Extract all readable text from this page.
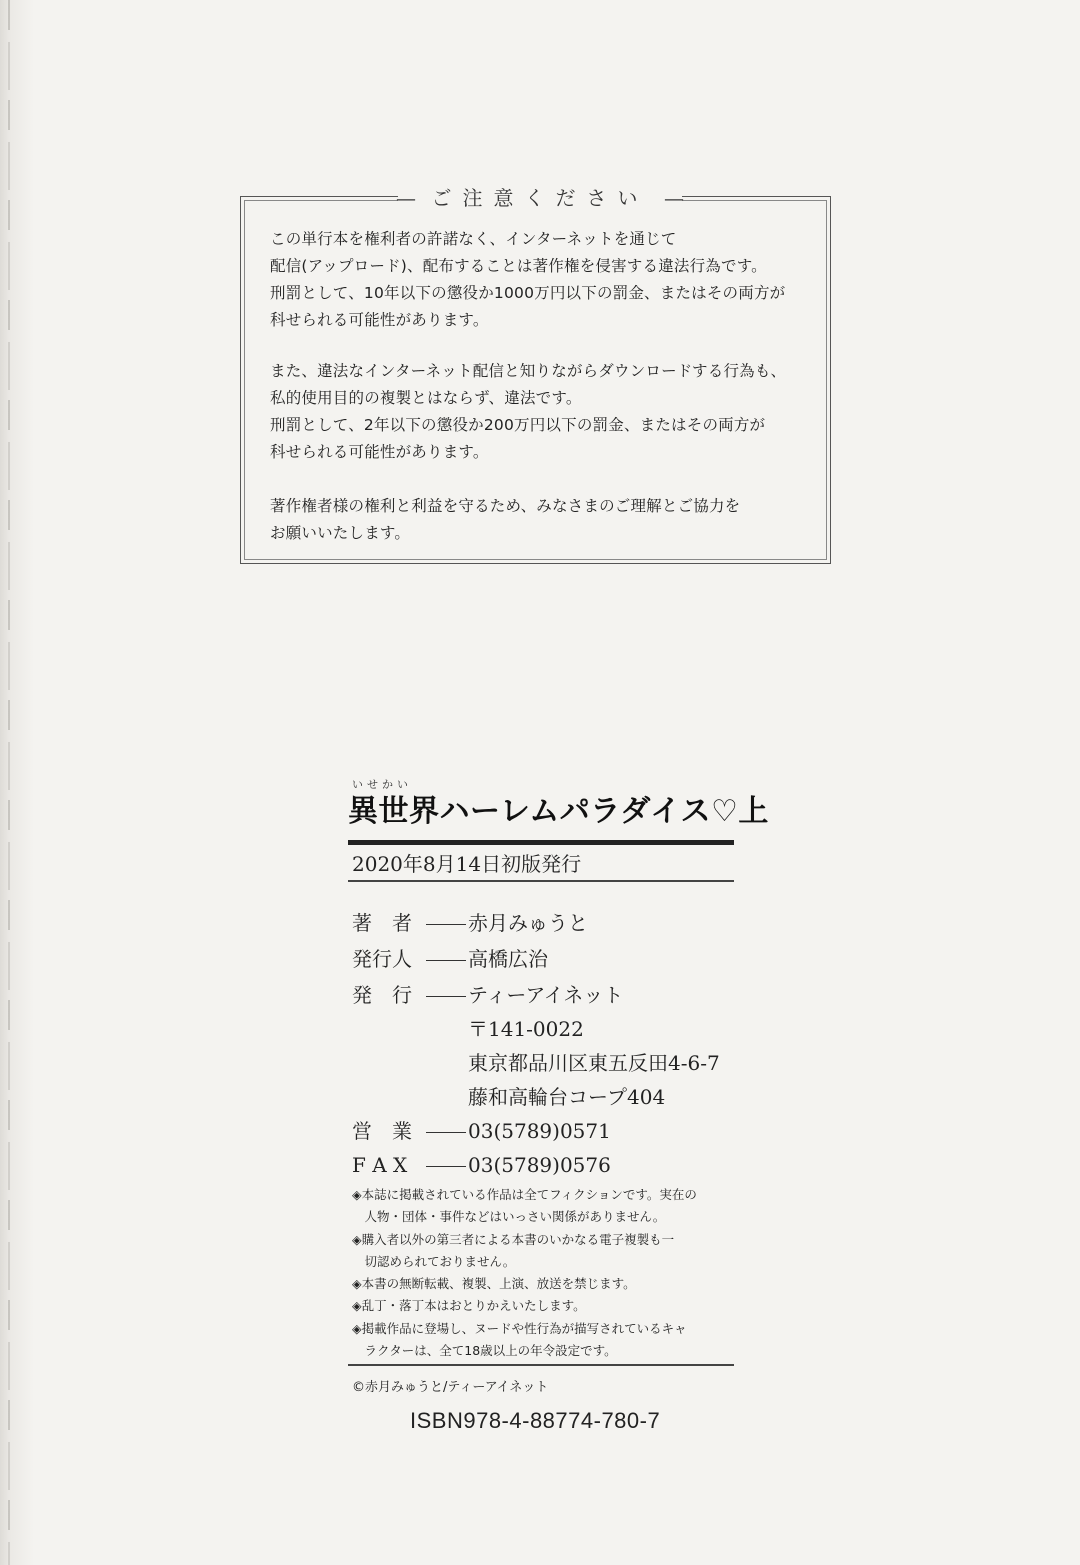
— ご注意ください —
この単行本を権利者の許諾なく、インターネットを通じて
配信(アップロード)、配布することは著作権を侵害する違法行為です。
刑罰として、10年以下の懲役か1000万円以下の罰金、またはその両方が
科せられる可能性があります。
また、違法なインターネット配信と知りながらダウンロードする行為も、
私的使用目的の複製とはならず、違法です。
刑罰として、2年以下の懲役か200万円以下の罰金、またはその両方が
科せられる可能性があります。
著作権者様の権利と利益を守るため、みなさまのご理解とご協力を
お願いいたします。
いせかい
異世界ハーレムパラダイス♡上
2020年8月14日初版発行
著　者	赤月みゅうと
発行人	高橋広治
発　行	ティーアイネット
〒141-0022
東京都品川区東五反田4-6-7
藤和高輪台コープ404
営　業	03(5789)0571
F A X	03(5789)0576
◈本誌に掲載されている作品は全てフィクションです。実在の
　人物・団体・事件などはいっさい関係がありません。
◈購入者以外の第三者による本書のいかなる電子複製も一
　切認められておりません。
◈本書の無断転載、複製、上演、放送を禁じます。
◈乱丁・落丁本はおとりかえいたします。
◈掲載作品に登場し、ヌードや性行為が描写されているキャ
　ラクターは、全て18歳以上の年令設定です。
©赤月みゅうと/ティーアイネット
ISBN978-4-88774-780-7
